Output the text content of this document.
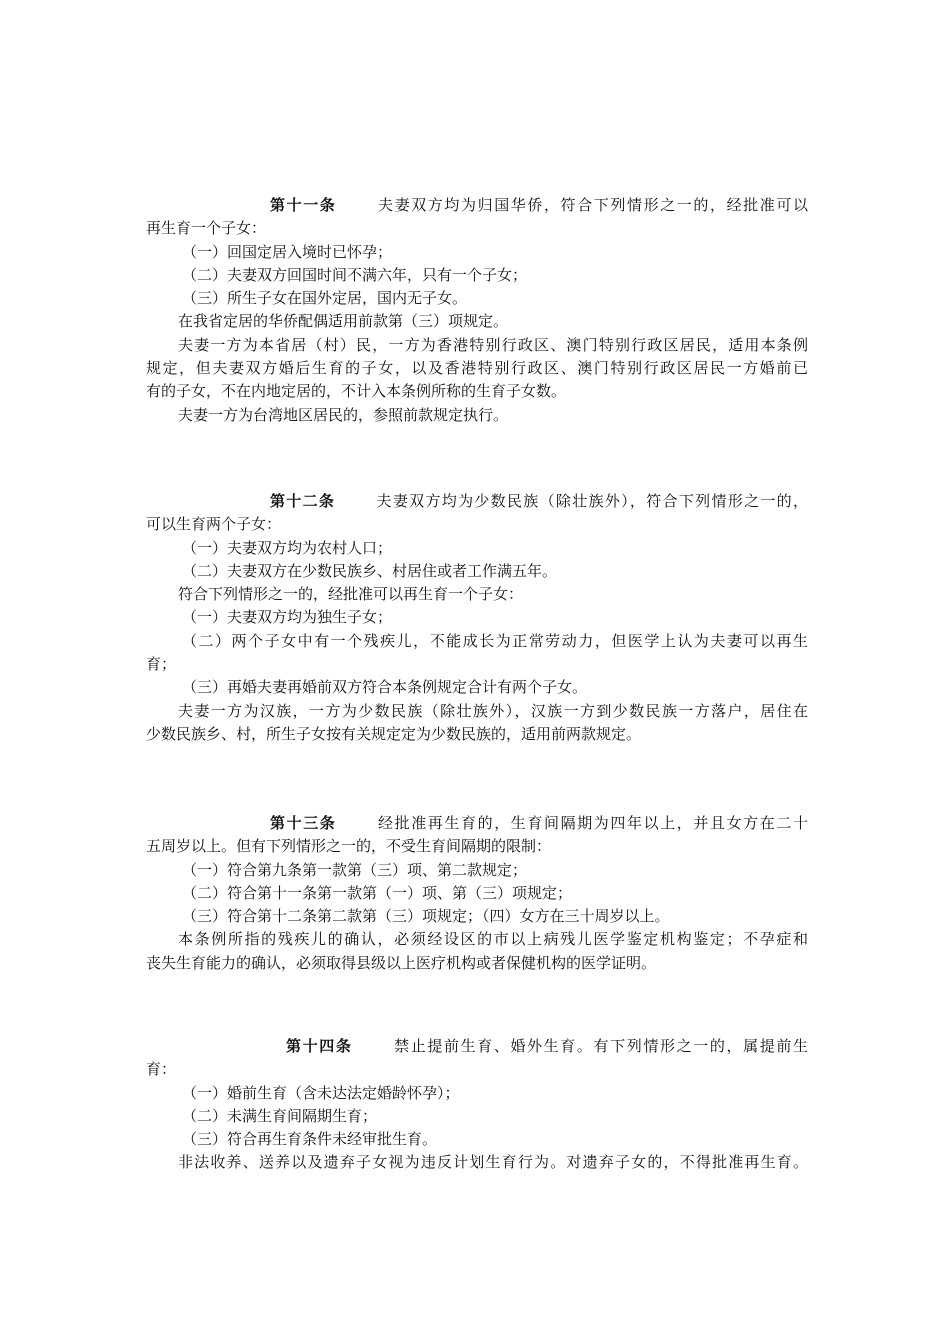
第十一条	夫妻双方均为归国华侨，符合下列情形之一的，经批准可以
再生育一个子女：
（一）回国定居入境时已怀孕；
（二）夫妻双方回国时间不满六年，只有一个子女；
（三）所生子女在国外定居，国内无子女。
在我省定居的华侨配偶适用前款第（三）项规定。
夫妻一方为本省居（村）民，一方为香港特别行政区、澳门特别行政区居民，适用本条例
规定，但夫妻双方婚后生育的子女，以及香港特别行政区、澳门特别行政区居民一方婚前已
有的子女，不在内地定居的，不计入本条例所称的生育子女数。
夫妻一方为台湾地区居民的，参照前款规定执行。
第十二条	夫妻双方均为少数民族（除壮族外），符合下列情形之一的，
可以生育两个子女：
（一）夫妻双方均为农村人口；
（二）夫妻双方在少数民族乡、村居住或者工作满五年。
符合下列情形之一的，经批准可以再生育一个子女：
（一）夫妻双方均为独生子女；
（二）两个子女中有一个残疾儿，不能成长为正常劳动力，但医学上认为夫妻可以再生
育；
（三）再婚夫妻再婚前双方符合本条例规定合计有两个子女。
夫妻一方为汉族，一方为少数民族（除壮族外），汉族一方到少数民族一方落户，居住在
少数民族乡、村，所生子女按有关规定定为少数民族的，适用前两款规定。
第十三条	经批准再生育的，生育间隔期为四年以上，并且女方在二十
五周岁以上。但有下列情形之一的，不受生育间隔期的限制：
（一）符合第九条第一款第（三）项、第二款规定；
（二）符合第十一条第一款第（一）项、第（三）项规定；
（三）符合第十二条第二款第（三）项规定；（四）女方在三十周岁以上。
本条例所指的残疾儿的确认，必须经设区的市以上病残儿医学鉴定机构鉴定；不孕症和
丧失生育能力的确认，必须取得县级以上医疗机构或者保健机构的医学证明。
第十四条	禁止提前生育、婚外生育。有下列情形之一的，属提前生
育：
（一）婚前生育（含未达法定婚龄怀孕）；
（二）未满生育间隔期生育；
（三）符合再生育条件未经审批生育。
非法收养、送养以及遗弃子女视为违反计划生育行为。对遗弃子女的，不得批准再生育。
